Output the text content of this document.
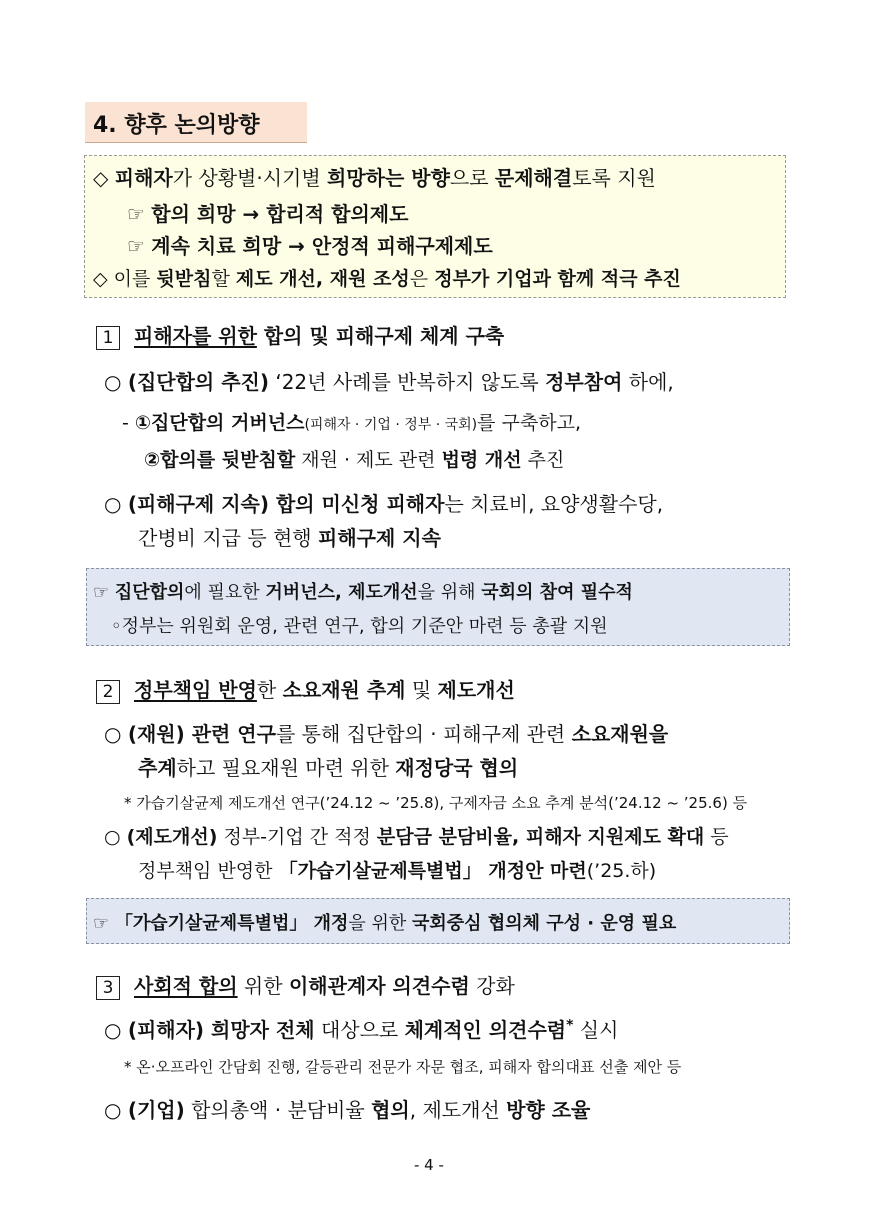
4. 향후 논의방향
◇ 피해자가 상황별·시기별 희망하는 방향으로 문제해결토록 지원
☞ 합의 희망 → 합리적 합의제도
☞ 계속 치료 희망 → 안정적 피해구제제도
◇ 이를 뒷받침할 제도 개선, 재원 조성은 정부가 기업과 함께 적극 추진
1 피해자를 위한 합의 및 피해구제 체계 구축
○ (집단합의 추진) ‘22년 사례를 반복하지 않도록 정부참여 하에,
- ①집단합의 거버넌스(피해자 · 기업 · 정부 · 국회)를 구축하고,
②합의를 뒷받침할 재원 · 제도 관련 법령 개선 추진
○ (피해구제 지속) 합의 미신청 피해자는 치료비, 요양생활수당,
간병비 지급 등 현행 피해구제 지속
☞ 집단합의에 필요한 거버넌스, 제도개선을 위해 국회의 참여 필수적
◦정부는 위원회 운영, 관련 연구, 합의 기준안 마련 등 총괄 지원
2 정부책임 반영한 소요재원 추계 및 제도개선
○ (재원) 관련 연구를 통해 집단합의 · 피해구제 관련 소요재원을
추계하고 필요재원 마련 위한 재정당국 협의
* 가습기살균제 제도개선 연구(’24.12 ~ ’25.8), 구제자금 소요 추계 분석(’24.12 ~ ’25.6) 등
○ (제도개선) 정부-기업 간 적정 분담금 분담비율, 피해자 지원제도 확대 등
정부책임 반영한 「가습기살균제특별법」 개정안 마련(’25.하)
☞ 「가습기살균제특별법」 개정을 위한 국회중심 협의체 구성 · 운영 필요
3 사회적 합의 위한 이해관계자 의견수렴 강화
○ (피해자) 희망자 전체 대상으로 체계적인 의견수렴* 실시
* 온·오프라인 간담회 진행, 갈등관리 전문가 자문 협조, 피해자 합의대표 선출 제안 등
○ (기업) 합의총액 · 분담비율 협의, 제도개선 방향 조율
- 4 -
